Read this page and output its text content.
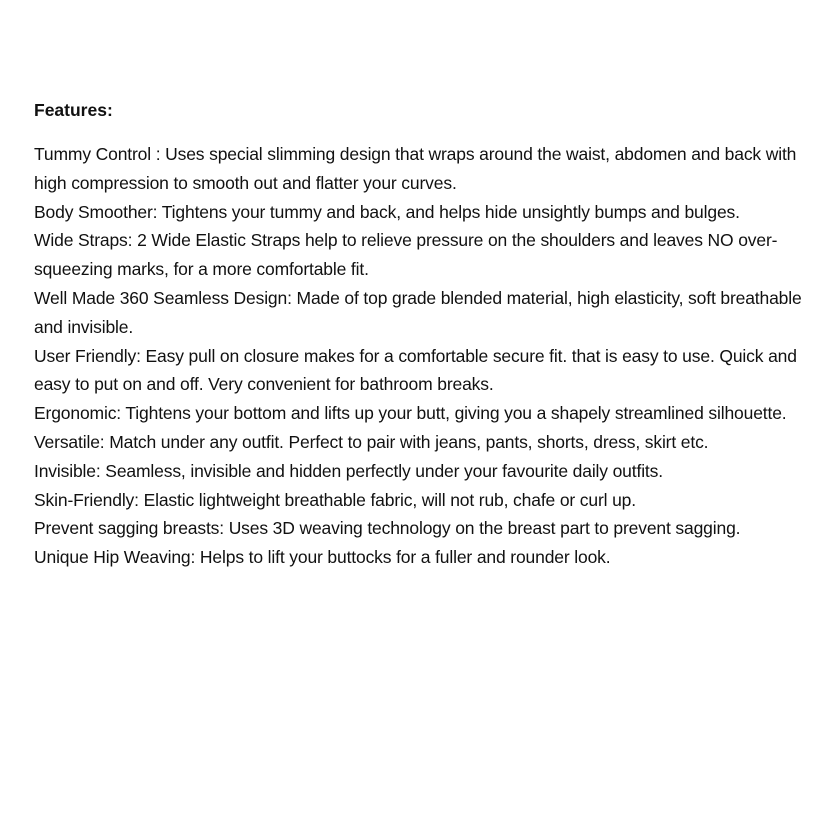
Features:
Tummy Control : Uses special slimming design that wraps around the waist, abdomen and back with high compression to smooth out and flatter your curves.
Body Smoother: Tightens your tummy and back, and helps hide unsightly bumps and bulges.
Wide Straps: 2 Wide Elastic Straps help to relieve pressure on the shoulders and leaves NO over-squeezing marks, for a more comfortable fit.
Well Made 360 Seamless Design: Made of top grade blended material, high elasticity, soft breathable and invisible.
User Friendly: Easy pull on closure makes for a comfortable secure fit. that is easy to use. Quick and easy to put on and off. Very convenient for bathroom breaks.
Ergonomic: Tightens your bottom and lifts up your butt, giving you a shapely streamlined silhouette.
Versatile: Match under any outfit. Perfect to pair with jeans, pants, shorts, dress, skirt etc.
Invisible: Seamless, invisible and hidden perfectly under your favourite daily outfits.
Skin-Friendly: Elastic lightweight breathable fabric, will not rub, chafe or curl up.
Prevent sagging breasts: Uses 3D weaving technology on the breast part to prevent sagging.
Unique Hip Weaving: Helps to lift your buttocks for a fuller and rounder look.
